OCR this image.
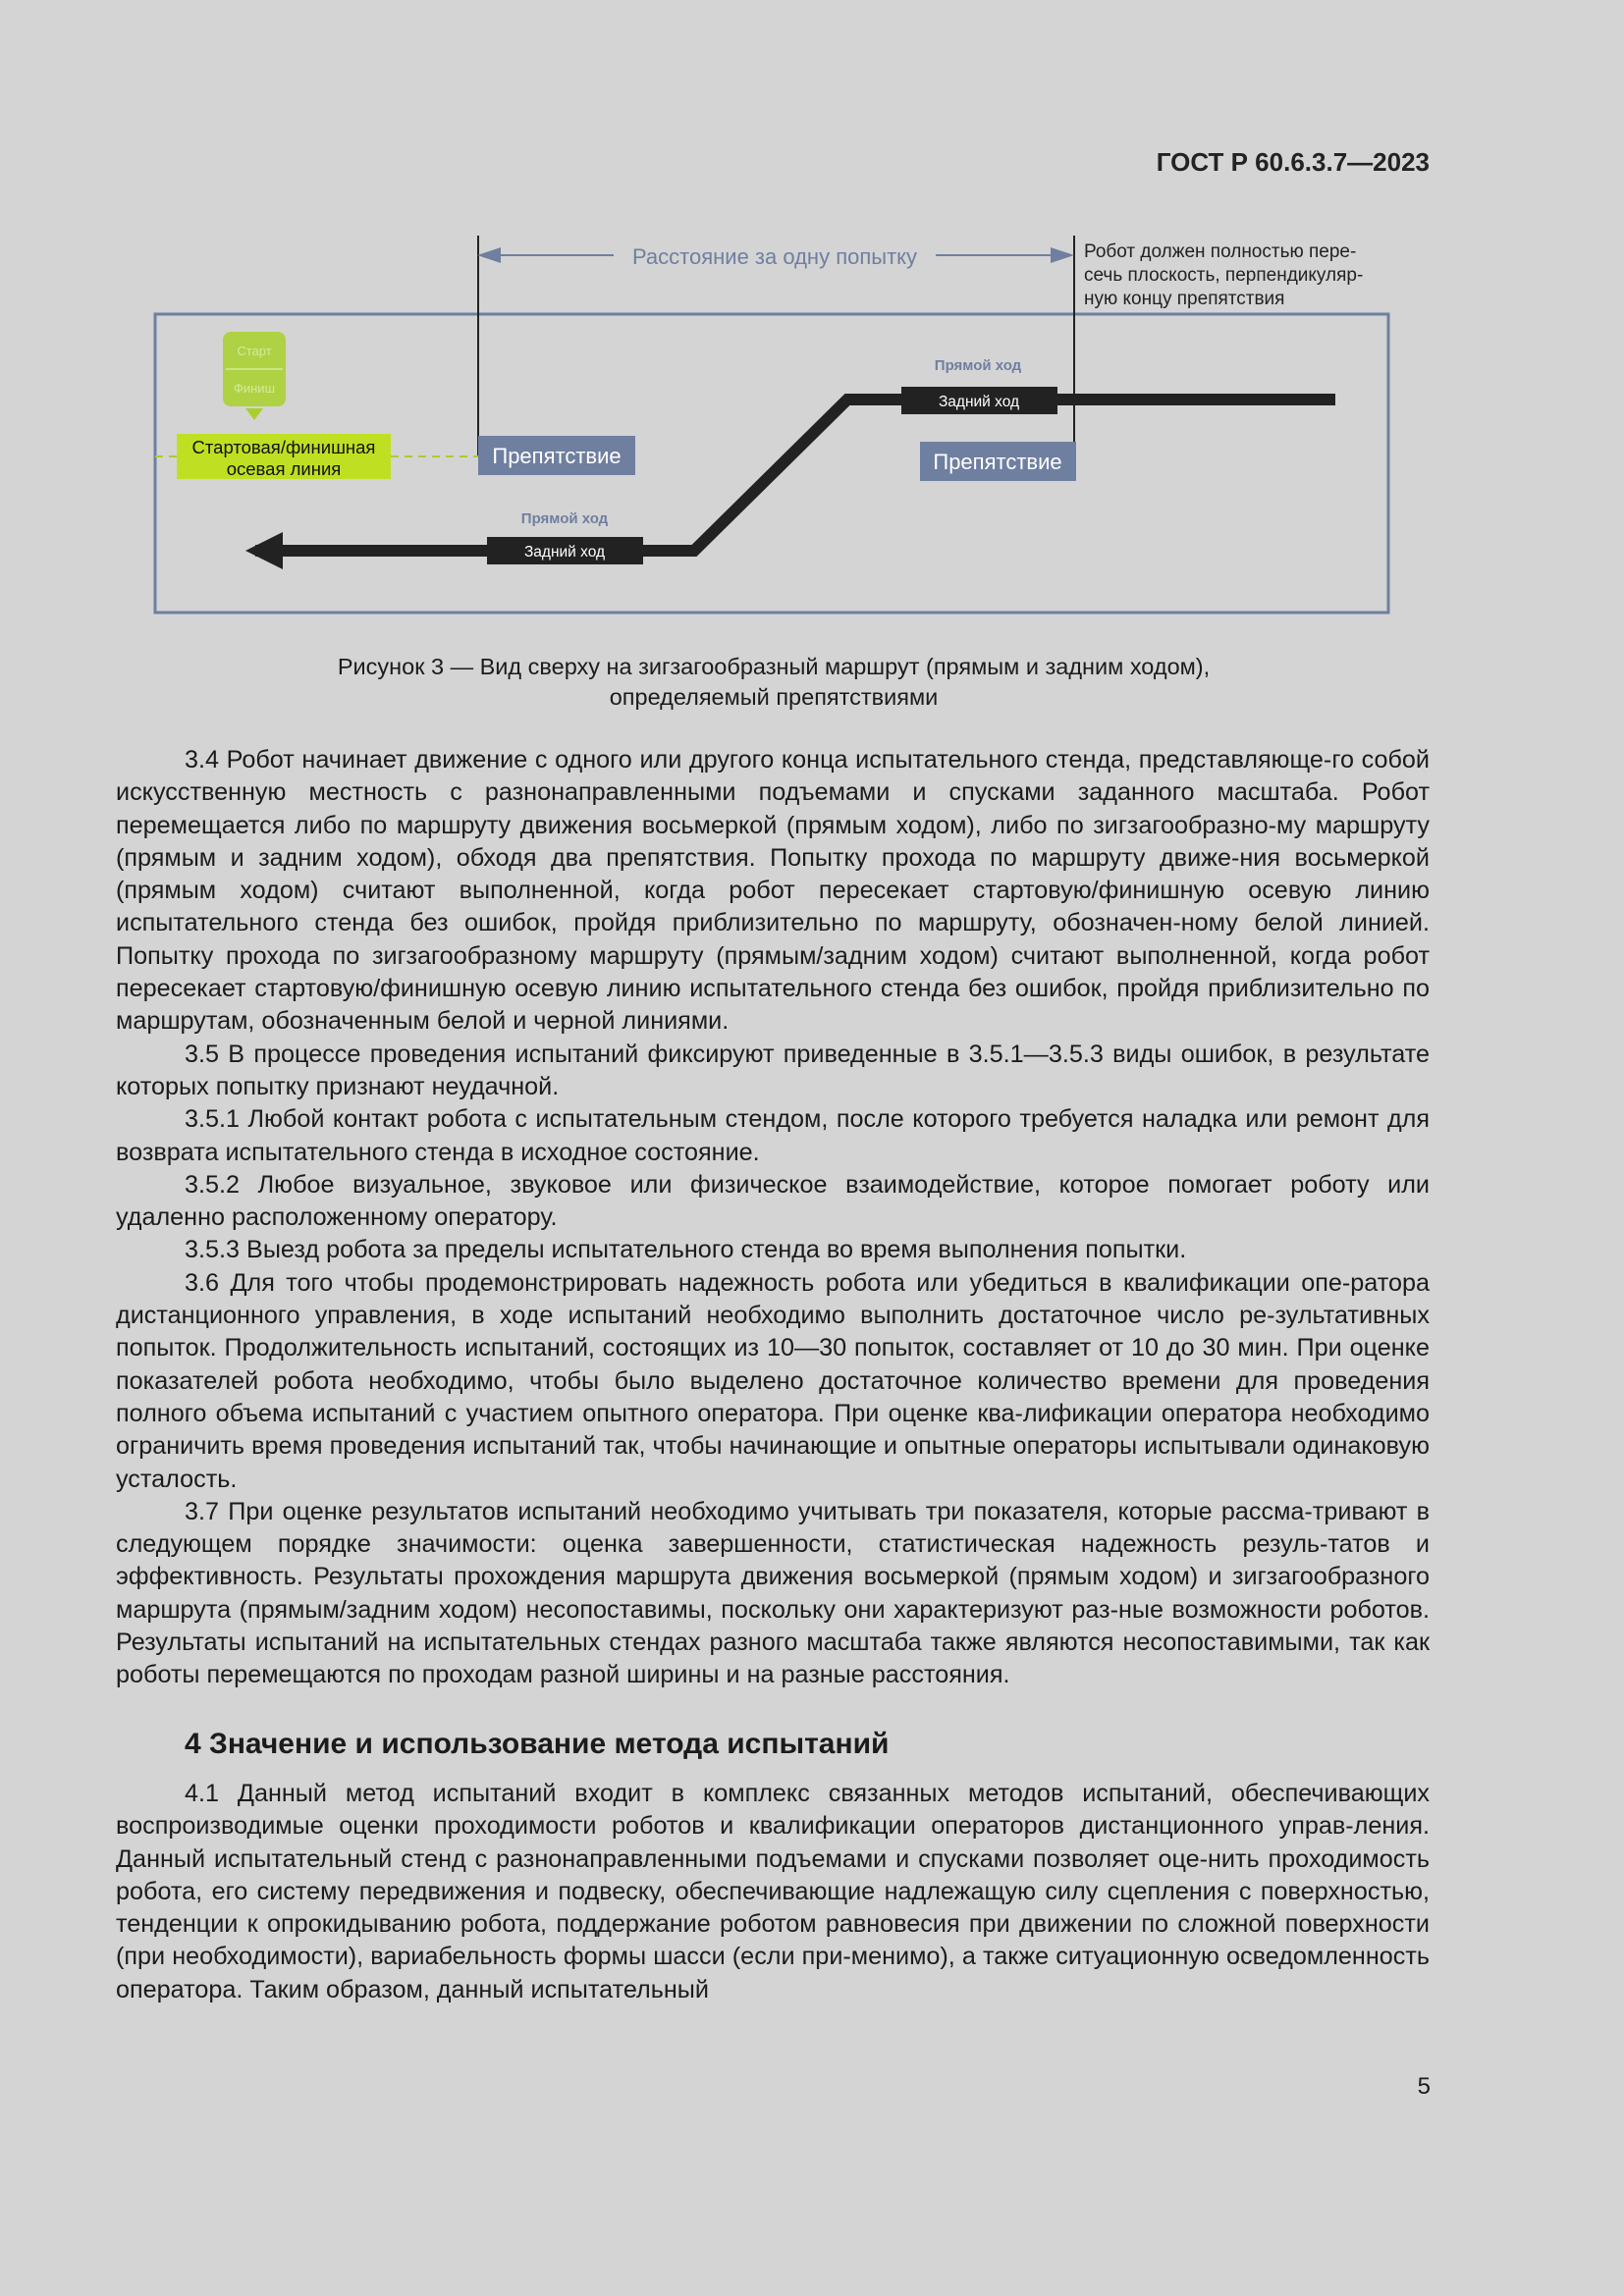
ГОСТ Р 60.6.3.7—2023
Расстояние за одну попытку	Робот должен полностью пере-
сечь плоскость, перпендикуляр-
ную концу препятствия
Старт
Финиш
Стартовая/финишная
осевая линия
Препятствие	Препятствие
Прямой ход
Задний ход
Прямой ход
Задний ход
Рисунок 3 — Вид сверху на зигзагообразный маршрут (прямым и задним ходом),
определяемый препятствиями

3.4 Робот начинает движение с одного или другого конца испытательного стенда, представляюще-го собой искусственную местность с разнонаправленными подъемами и спусками заданного масштаба. Робот перемещается либо по маршруту движения восьмеркой (прямым ходом), либо по зигзагообразно-му маршруту (прямым и задним ходом), обходя два препятствия. Попытку прохода по маршруту движе-ния восьмеркой (прямым ходом) считают выполненной, когда робот пересекает стартовую/финишную осевую линию испытательного стенда без ошибок, пройдя приблизительно по маршруту, обозначен-ному белой линией. Попытку прохода по зигзагообразному маршруту (прямым/задним ходом) считают выполненной, когда робот пересекает стартовую/финишную осевую линию испытательного стенда без ошибок, пройдя приблизительно по маршрутам, обозначенным белой и черной линиями.

3.5 В процессе проведения испытаний фиксируют приведенные в 3.5.1—3.5.3 виды ошибок, в результате которых попытку признают неудачной.

3.5.1 Любой контакт робота с испытательным стендом, после которого требуется наладка или ремонт для возврата испытательного стенда в исходное состояние.

3.5.2 Любое визуальное, звуковое или физическое взаимодействие, которое помогает роботу или удаленно расположенному оператору.

3.5.3 Выезд робота за пределы испытательного стенда во время выполнения попытки.

3.6 Для того чтобы продемонстрировать надежность робота или убедиться в квалификации опе-ратора дистанционного управления, в ходе испытаний необходимо выполнить достаточное число ре-зультативных попыток. Продолжительность испытаний, состоящих из 10—30 попыток, составляет от 10 до 30 мин. При оценке показателей робота необходимо, чтобы было выделено достаточное количество времени для проведения полного объема испытаний с участием опытного оператора. При оценке ква-лификации оператора необходимо ограничить время проведения испытаний так, чтобы начинающие и опытные операторы испытывали одинаковую усталость.

3.7 При оценке результатов испытаний необходимо учитывать три показателя, которые рассма-тривают в следующем порядке значимости: оценка завершенности, статистическая надежность резуль-татов и эффективность. Результаты прохождения маршрута движения восьмеркой (прямым ходом) и зигзагообразного маршрута (прямым/задним ходом) несопоставимы, поскольку они характеризуют раз-ные возможности роботов. Результаты испытаний на испытательных стендах разного масштаба также являются несопоставимыми, так как роботы перемещаются по проходам разной ширины и на разные расстояния.

4 Значение и использование метода испытаний

4.1 Данный метод испытаний входит в комплекс связанных методов испытаний, обеспечивающих воспроизводимые оценки проходимости роботов и квалификации операторов дистанционного управ-ления. Данный испытательный стенд с разнонаправленными подъемами и спусками позволяет оце-нить проходимость робота, его систему передвижения и подвеску, обеспечивающие надлежащую силу сцепления с поверхностью, тенденции к опрокидыванию робота, поддержание роботом равновесия при движении по сложной поверхности (при необходимости), вариабельность формы шасси (если при-менимо), а также ситуационную осведомленность оператора. Таким образом, данный испытательный

5
